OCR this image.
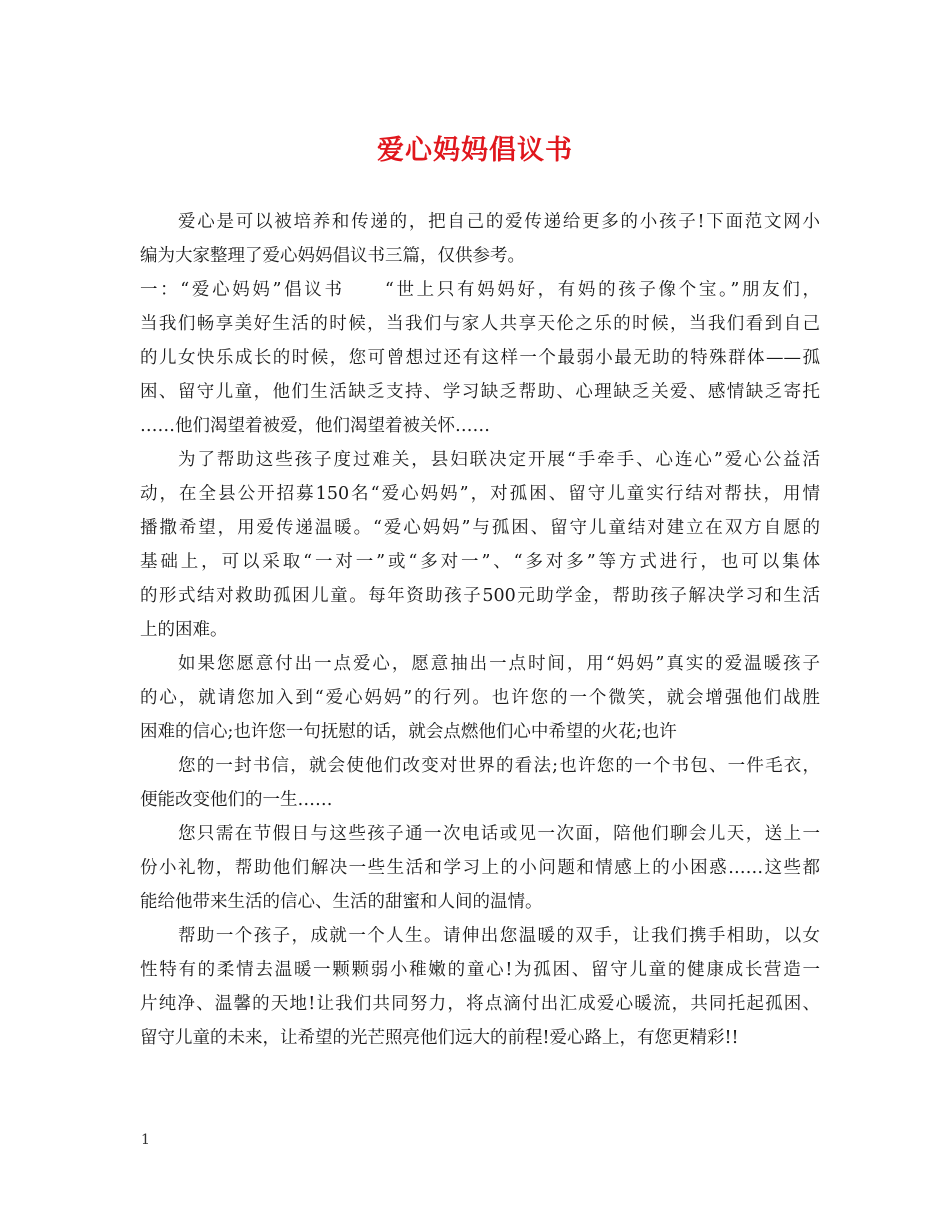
爱心妈妈倡议书
爱心是可以被培养和传递的，把自己的爱传递给更多的小孩子!下面范文网小
编为大家整理了爱心妈妈倡议书三篇，仅供参考。
一：“爱心妈妈”倡议书　　“世上只有妈妈好，有妈的孩子像个宝。”朋友们，
当我们畅享美好生活的时候，当我们与家人共享天伦之乐的时候，当我们看到自己
的儿女快乐成长的时候，您可曾想过还有这样一个最弱小最无助的特殊群体——孤
困、留守儿童，他们生活缺乏支持、学习缺乏帮助、心理缺乏关爱、感情缺乏寄托
……他们渴望着被爱，他们渴望着被关怀……
为了帮助这些孩子度过难关，县妇联决定开展“手牵手、心连心”爱心公益活
动，在全县公开招募150名“爱心妈妈”，对孤困、留守儿童实行结对帮扶，用情
播撒希望，用爱传递温暖。“爱心妈妈”与孤困、留守儿童结对建立在双方自愿的
基础上，可以采取“一对一”或“多对一”、“多对多”等方式进行，也可以集体
的形式结对救助孤困儿童。每年资助孩子500元助学金，帮助孩子解决学习和生活
上的困难。
如果您愿意付出一点爱心，愿意抽出一点时间，用“妈妈”真实的爱温暖孩子
的心，就请您加入到“爱心妈妈”的行列。也许您的一个微笑，就会增强他们战胜
困难的信心;也许您一句抚慰的话，就会点燃他们心中希望的火花;也许
您的一封书信，就会使他们改变对世界的看法;也许您的一个书包、一件毛衣，
便能改变他们的一生……
您只需在节假日与这些孩子通一次电话或见一次面，陪他们聊会儿天，送上一
份小礼物，帮助他们解决一些生活和学习上的小问题和情感上的小困惑……这些都
能给他带来生活的信心、生活的甜蜜和人间的温情。
帮助一个孩子，成就一个人生。请伸出您温暖的双手，让我们携手相助，以女
性特有的柔情去温暖一颗颗弱小稚嫩的童心!为孤困、留守儿童的健康成长营造一
片纯净、温馨的天地!让我们共同努力，将点滴付出汇成爱心暖流，共同托起孤困、
留守儿童的未来，让希望的光芒照亮他们远大的前程!爱心路上，有您更精彩!!
1
